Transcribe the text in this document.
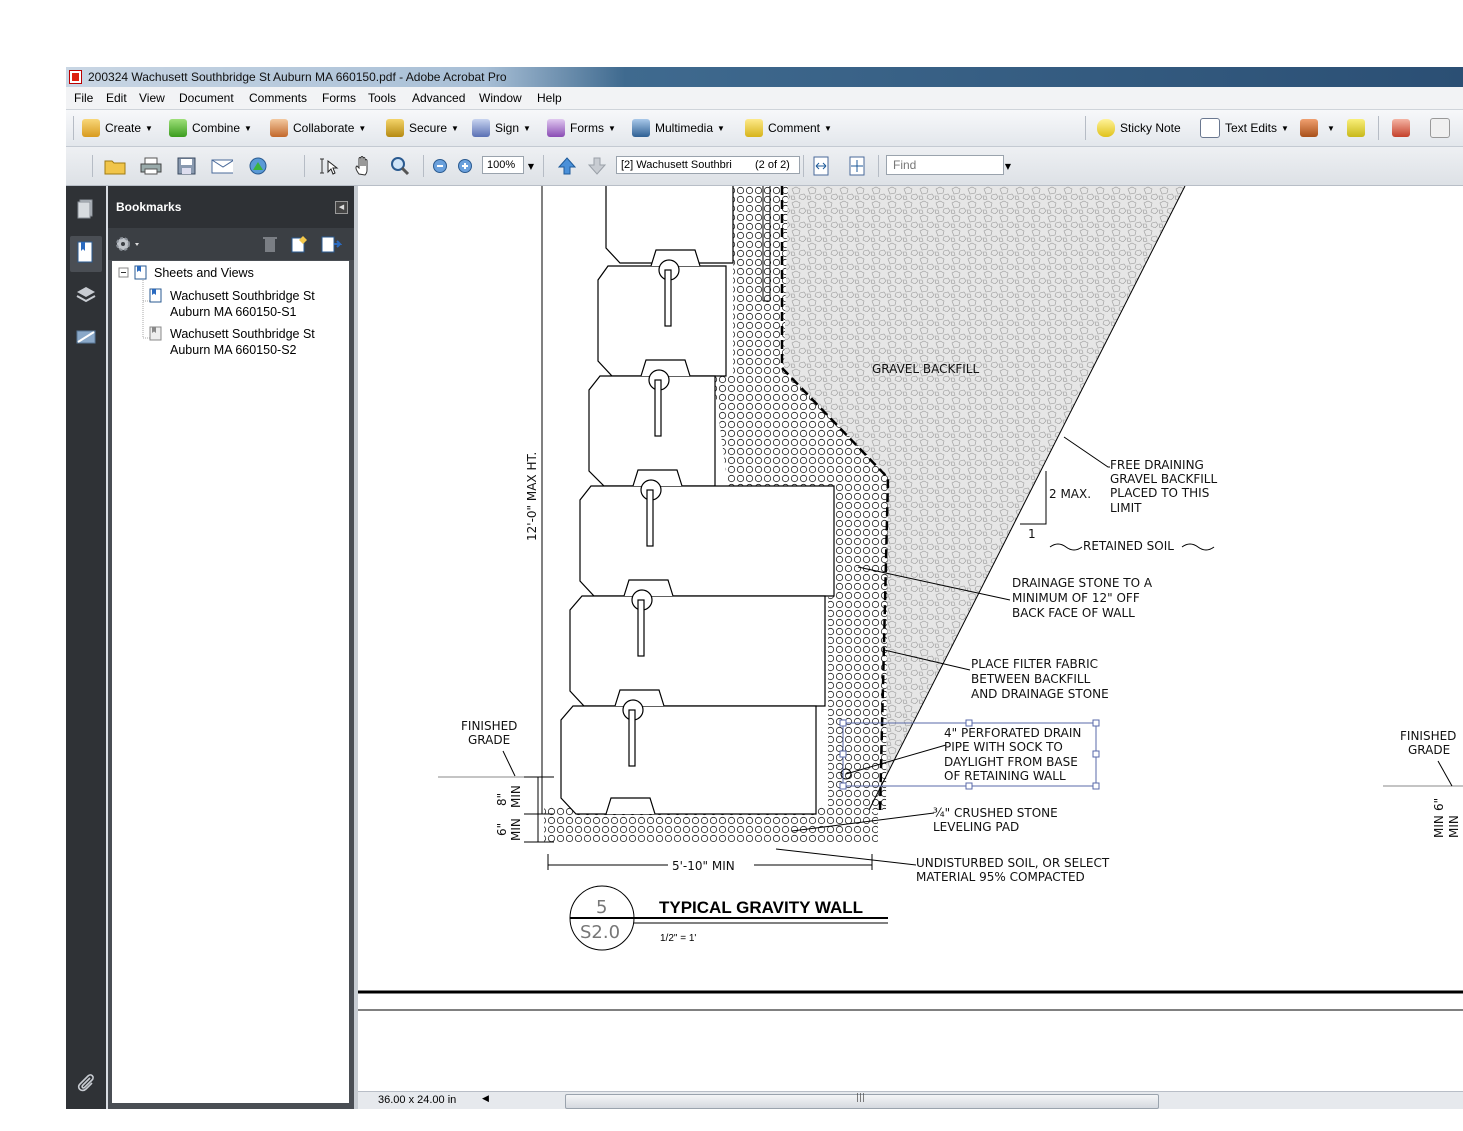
200324 Wachusett Southbridge St Auburn MA 660150.pdf - Adobe Acrobat Pro
File Edit View Document Comments Forms Tools Advanced Window Help
Create ▼	Combine ▼	Collaborate ▼	Secure ▼	Sign ▼	Forms ▼	Multimedia ▼	Comment ▼	Sticky Note	Text Edits ▼	▼
100%	▼	[2] Wachusett Southbri (2 of 2)	Find	▼
Bookmarks	◀
Sheets and Views
Wachusett Southbridge St
Auburn MA 660150-S1
Wachusett Southbridge St
Auburn MA 660150-S2
12'-0" MAX HT.
8" MIN
6" MIN
5'-10" MIN
FINISHED
GRADE
GRAVEL BACKFILL
FREE DRAINING
GRAVEL BACKFILL
PLACED TO THIS
LIMIT
2 MAX.
1
RETAINED SOIL
DRAINAGE STONE TO A
MINIMUM OF 12" OFF
BACK FACE OF WALL
PLACE FILTER FABRIC
BETWEEN BACKFILL
AND DRAINAGE STONE
4" PERFORATED DRAIN
PIPE WITH SOCK TO
DAYLIGHT FROM BASE
OF RETAINING WALL
¾" CRUSHED STONE
LEVELING PAD
UNDISTURBED SOIL, OR SELECT
MATERIAL 95% COMPACTED
5
S2.0
TYPICAL GRAVITY WALL
1/2" = 1'
FINISHED
GRADE
6"
MIN MIN
36.00 x 24.00 in	◀	|||
